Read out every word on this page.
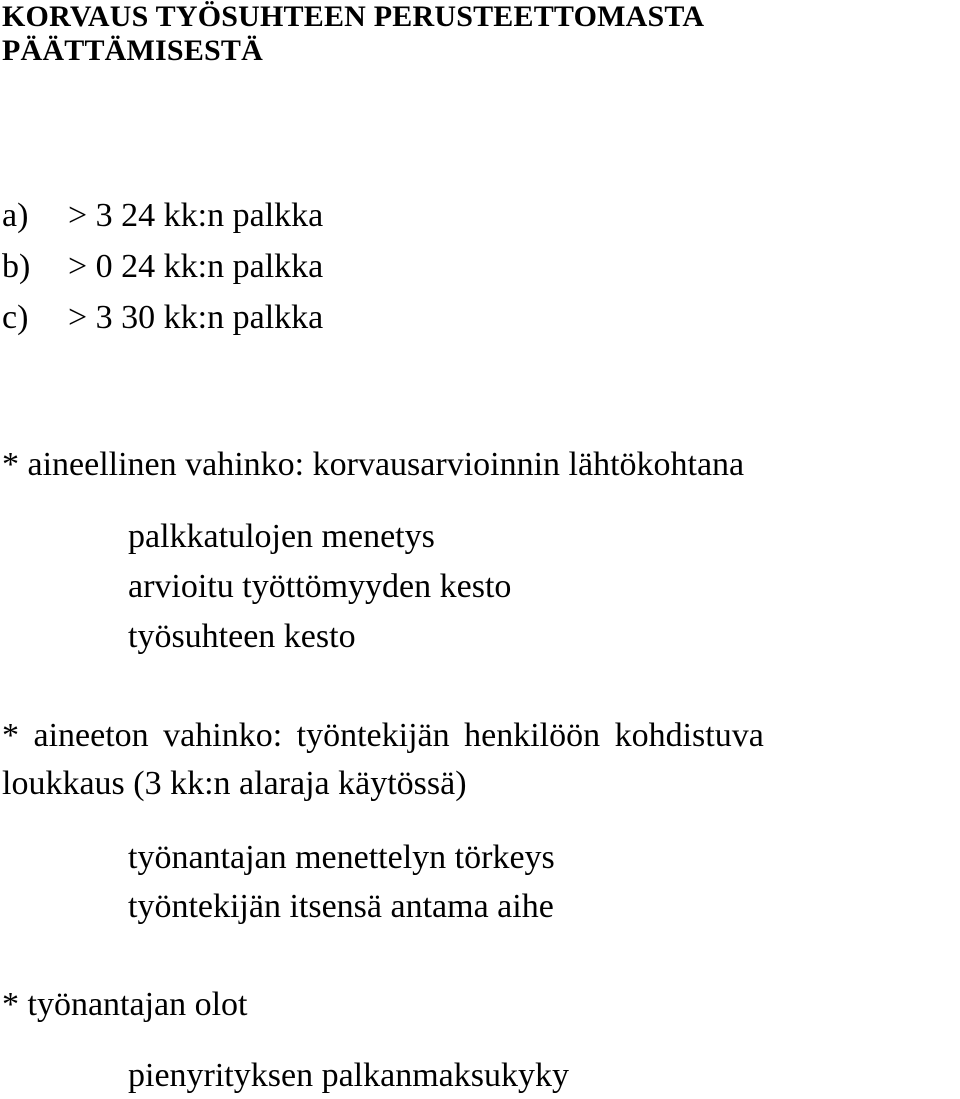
KORVAUS TYÖSUHTEEN PERUSTEETTOMASTA
PÄÄTTÄMISESTÄ
a) > 3 24 kk:n palkka
b) > 0 24 kk:n palkka
c) > 3 30 kk:n palkka
* aineellinen vahinko: korvausarvioinnin lähtökohtana
palkkatulojen menetys
arvioitu työttömyyden kesto
työsuhteen kesto
* aineeton vahinko: työntekijän henkilöön kohdistuva
loukkaus (3 kk:n alaraja käytössä)
työnantajan menettelyn törkeys
työntekijän itsensä antama aihe
* työnantajan olot
pienyrityksen palkanmaksukyky
